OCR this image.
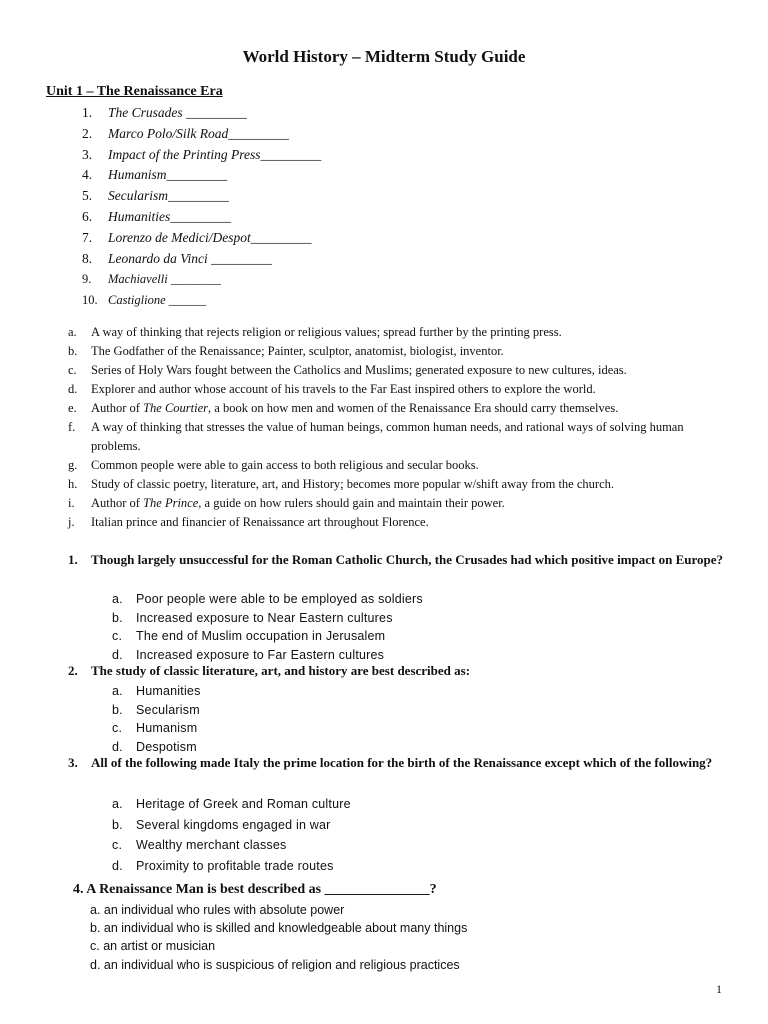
World History – Midterm Study Guide
Unit 1 – The Renaissance Era
1. The Crusades _________
2. Marco Polo/Silk Road_________
3. Impact of the Printing Press_________
4. Humanism_________
5. Secularism_________
6. Humanities_________
7. Lorenzo de Medici/Despot_________
8. Leonardo da Vinci _________
9. Machiavelli ________
10. Castiglione ______
a.	A way of thinking that rejects religion or religious values; spread further by the printing press.
b.	The Godfather of the Renaissance; Painter, sculptor, anatomist, biologist, inventor.
c.	Series of Holy Wars fought between the Catholics and Muslims; generated exposure to new cultures, ideas.
d.	Explorer and author whose account of his travels to the Far East inspired others to explore the world.
e.	Author of The Courtier, a book on how men and women of the Renaissance Era should carry themselves.
f.	A way of thinking that stresses the value of human beings, common human needs, and rational ways of solving human problems.
g.	Common people were able to gain access to both religious and secular books.
h.	Study of classic poetry, literature, art, and History; becomes more popular w/shift away from the church.
i.	Author of The Prince, a guide on how rulers should gain and maintain their power.
j.	Italian prince and financier of Renaissance art throughout Florence.
1.	Though largely unsuccessful for the Roman Catholic Church, the Crusades had which positive impact on Europe?
a. Poor people were able to be employed as soldiers
b. Increased exposure to Near Eastern cultures
c. The end of Muslim occupation in Jerusalem
d. Increased exposure to Far Eastern cultures
2.	The study of classic literature, art, and history are best described as:
a. Humanities
b. Secularism
c. Humanism
d. Despotism
3.	All of the following made Italy the prime location for the birth of the Renaissance except which of the following?
a. Heritage of Greek and Roman culture
b. Several kingdoms engaged in war
c. Wealthy merchant classes
d. Proximity to profitable trade routes
4. A Renaissance Man is best described as _______________?
a. an individual who rules with absolute power
b. an individual who is skilled and knowledgeable about many things
c. an artist or musician
d. an individual who is suspicious of religion and religious practices
1
